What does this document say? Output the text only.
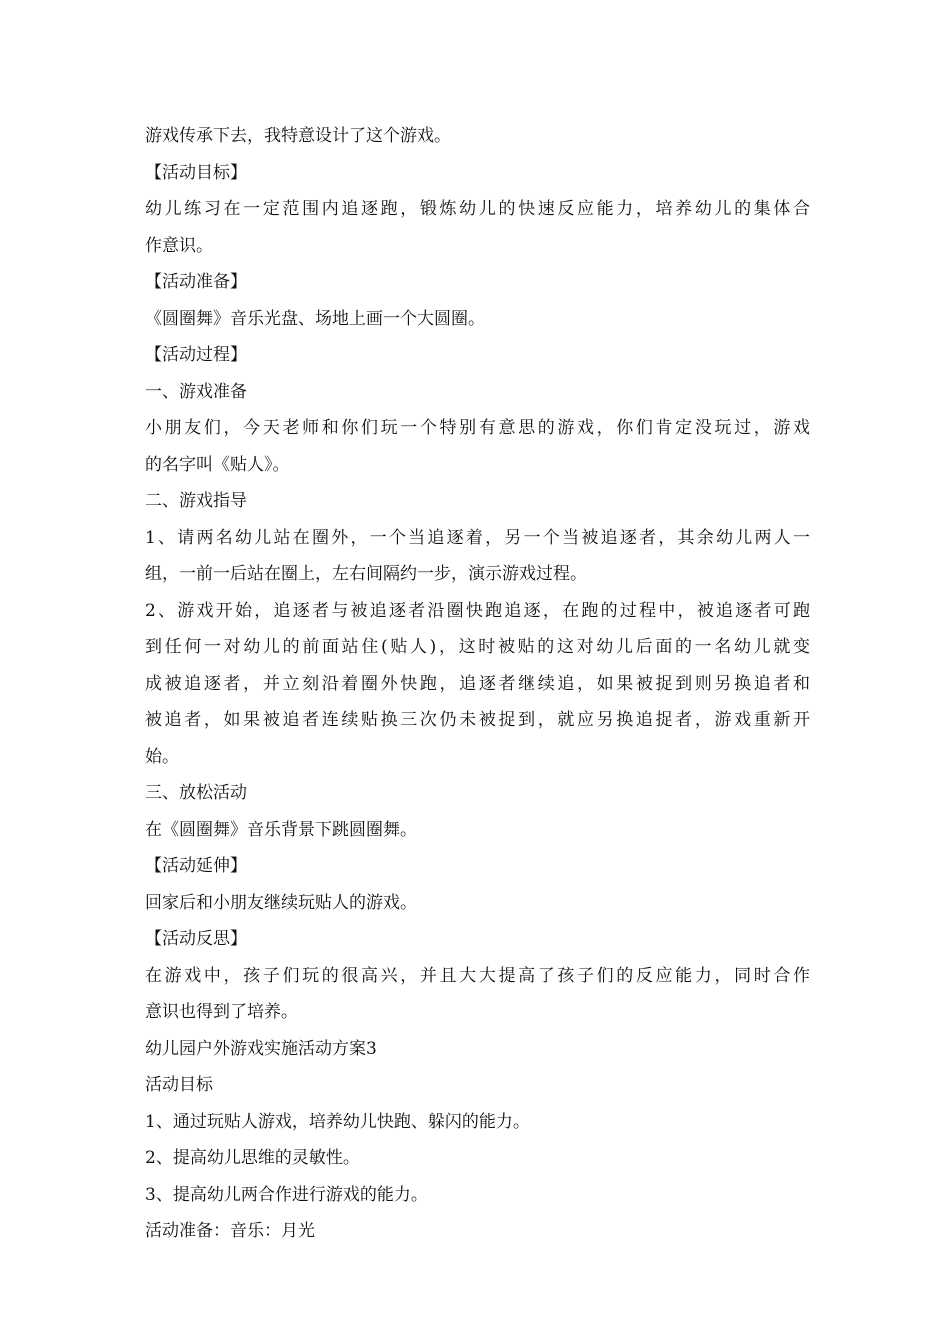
游戏传承下去，我特意设计了这个游戏。
【活动目标】
幼儿练习在一定范围内追逐跑，锻炼幼儿的快速反应能力，培养幼儿的集体合
作意识。
【活动准备】
《圆圈舞》音乐光盘、场地上画一个大圆圈。
【活动过程】
一、游戏准备
小朋友们，今天老师和你们玩一个特别有意思的游戏，你们肯定没玩过，游戏
的名字叫《贴人》。
二、游戏指导
1、请两名幼儿站在圈外，一个当追逐着，另一个当被追逐者，其余幼儿两人一
组，一前一后站在圈上，左右间隔约一步，演示游戏过程。
2、游戏开始，追逐者与被追逐者沿圈快跑追逐，在跑的过程中，被追逐者可跑
到任何一对幼儿的前面站住(贴人)，这时被贴的这对幼儿后面的一名幼儿就变
成被追逐者，并立刻沿着圈外快跑，追逐者继续追，如果被捉到则另换追者和
被追者，如果被追者连续贴换三次仍未被捉到，就应另换追捉者，游戏重新开
始。
三、放松活动
在《圆圈舞》音乐背景下跳圆圈舞。
【活动延伸】
回家后和小朋友继续玩贴人的游戏。
【活动反思】
在游戏中，孩子们玩的很高兴，并且大大提高了孩子们的反应能力，同时合作
意识也得到了培养。
幼儿园户外游戏实施活动方案3
活动目标
1、通过玩贴人游戏，培养幼儿快跑、躲闪的能力。
2、提高幼儿思维的灵敏性。
3、提高幼儿两合作进行游戏的能力。
活动准备：音乐：月光
